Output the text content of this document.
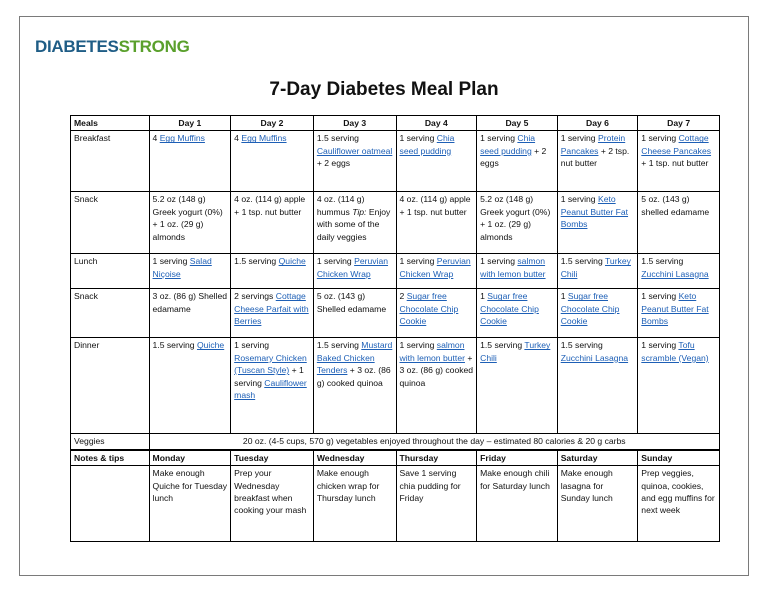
DIABETESSTRONG
7-Day Diabetes Meal Plan
Meals	Day 1	Day 2	Day 3	Day 4	Day 5	Day 6	Day 7
Breakfast	4 Egg Muffins	4 Egg Muffins	1.5 serving Cauliflower oatmeal + 2 eggs	1 serving Chia seed pudding	1 serving Chia seed pudding + 2 eggs	1 serving Protein Pancakes + 2 tsp. nut butter	1 serving Cottage Cheese Pancakes + 1 tsp. nut butter
Snack	5.2 oz (148 g) Greek yogurt (0%) + 1 oz. (29 g) almonds	4 oz. (114 g) apple + 1 tsp. nut butter	4 oz. (114 g) hummus Tip: Enjoy with some of the daily veggies	4 oz. (114 g) apple + 1 tsp. nut butter	5.2 oz (148 g) Greek yogurt (0%) + 1 oz. (29 g) almonds	1 serving Keto Peanut Butter Fat Bombs	5 oz. (143 g) shelled edamame
Lunch	1 serving Salad Niçoise	1.5 serving Quiche	1 serving Peruvian Chicken Wrap	1 serving Peruvian Chicken Wrap	1 serving salmon with lemon butter	1.5 serving Turkey Chili	1.5 serving Zucchini Lasagna
Snack	3 oz. (86 g) Shelled edamame	2 servings Cottage Cheese Parfait with Berries	5 oz. (143 g) Shelled edamame	2 Sugar free Chocolate Chip Cookie	1 Sugar free Chocolate Chip Cookie	1 Sugar free Chocolate Chip Cookie	1 serving Keto Peanut Butter Fat Bombs
Dinner	1.5 serving Quiche	1 serving Rosemary Chicken (Tuscan Style) + 1 serving Cauliflower mash	1.5 serving Mustard Baked Chicken Tenders + 3 oz. (86 g) cooked quinoa	1 serving salmon with lemon butter + 3 oz. (86 g) cooked quinoa	1.5 serving Turkey Chili	1.5 serving Zucchini Lasagna	1 serving Tofu scramble (Vegan)
Veggies	20 oz. (4-5 cups, 570 g) vegetables enjoyed throughout the day – estimated 80 calories & 20 g carbs						
Notes & tips	Monday	Tuesday	Wednesday	Thursday	Friday	Saturday	Sunday
	Make enough Quiche for Tuesday lunch	Prep your Wednesday breakfast when cooking your mash	Make enough chicken wrap for Thursday lunch	Save 1 serving chia pudding for Friday	Make enough chili for Saturday lunch	Make enough lasagna for Sunday lunch	Prep veggies, quinoa, cookies, and egg muffins for next week
